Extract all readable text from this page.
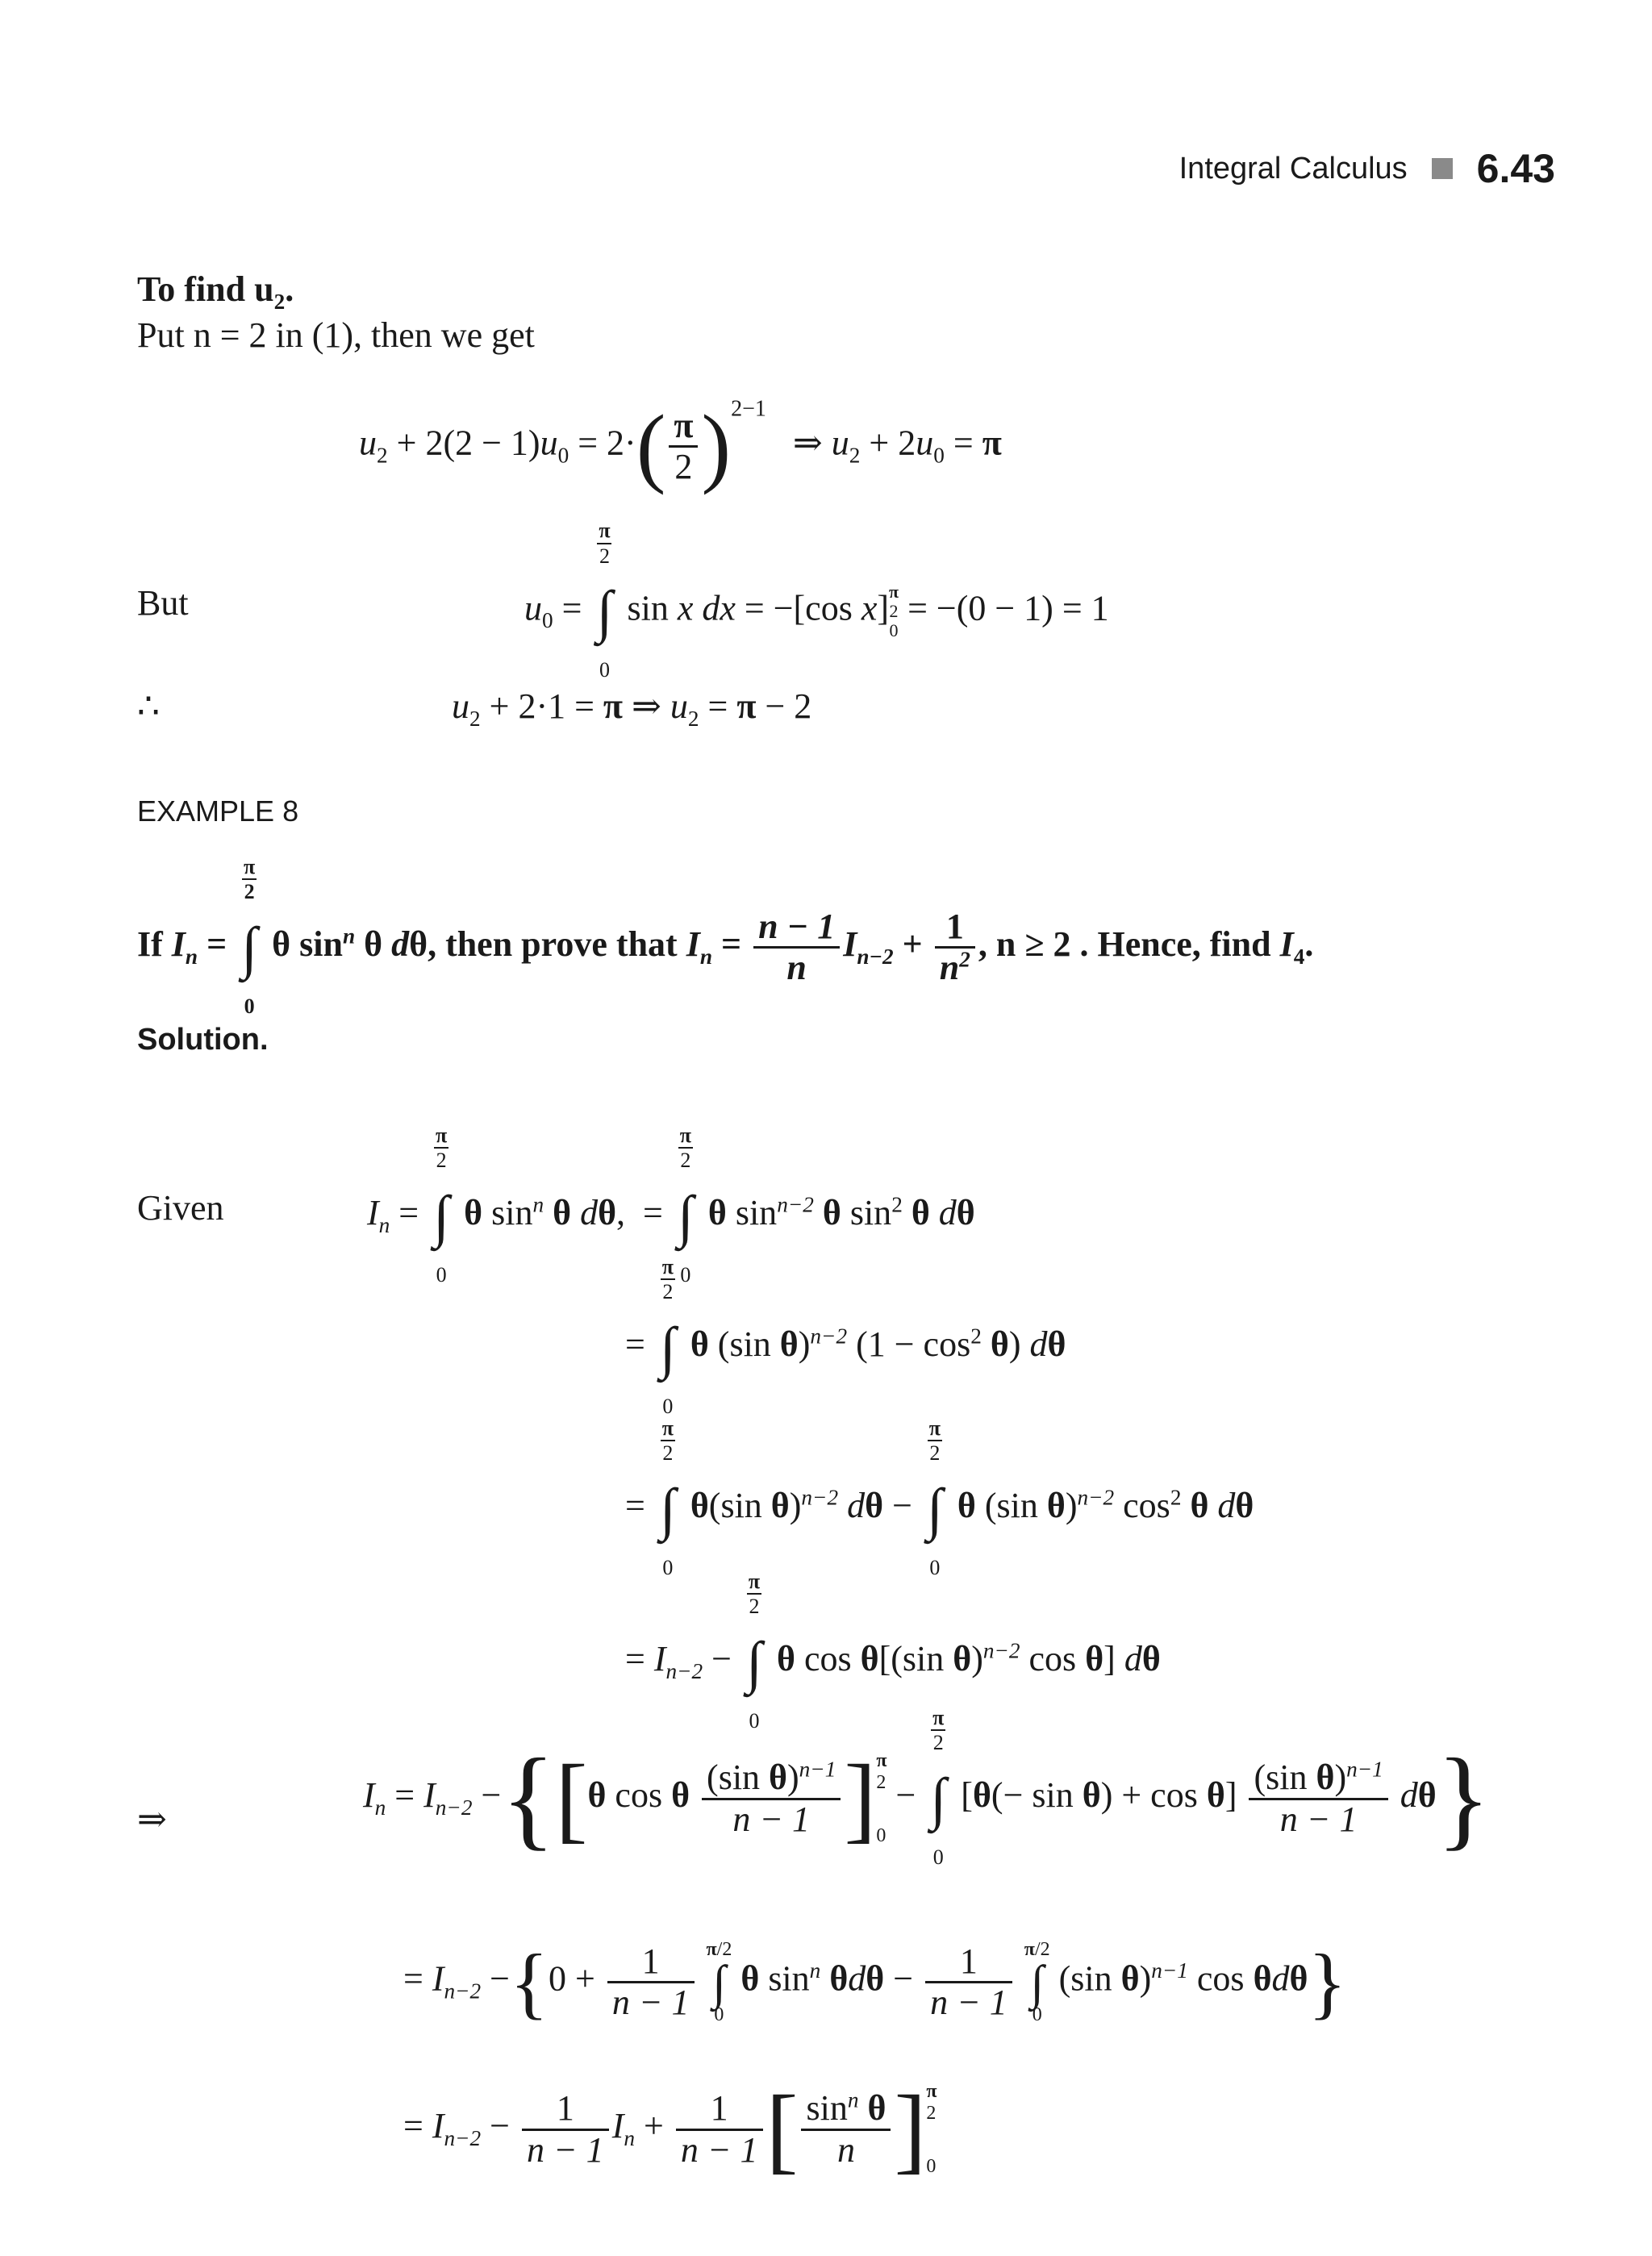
Integral Calculus 6.43
To find $u_2$.
Put n = 2 in (1), then we get
$u_2 + 2(2 - 1)u_0 = 2\cdot( \frac{\pi}{2} )^{2-1}$   ⇒ $u_2 + 2u_0 = \pi$
But	$u_0$ =
π
2
∫
0
sin x dx = −[cos x] π
2
0
= −(0 − 1) = 1
∴	$u_2 + 2\cdot 1 = \pi$ ⇒ $u_2 = \pi - 2$
EXAMPLE 8
If $I_n$ =
π
2
∫
0
θ $\sin^n \theta$ dθ, then prove that $I_n = \frac{n - 1}{n} I_{n-2} + \frac{1}{n^2}$ , n ≥ 2 . Hence, find $I_4$.
Solution.
Given	$I_n$ =
π
2
∫
0
θ $\sin^n \theta$ dθ,  =
π
2
∫
0
θ $\sin^{n-2} \theta$ $\sin^2 \theta$ dθ
=
π
2
∫
0
θ (sin θ)$^{n-2}$ $(1 - \cos^2 \theta)$ dθ
=
π
2
∫
0
θ(sin θ)$^{n-2}$ dθ −
π
2
∫
0
θ (sin θ)$^{n-2}$ $\cos^2 \theta$ dθ
= $I_{n-2}$ −
π
2
∫
0
θ cos θ[(sin θ)$^{n-2}$ cos θ] dθ
⇒
$I_n = I_{n-2} -\{[\theta$ cos θ $\frac{(\sin \theta)^{n-1}}{n - 1}$ ] π
2
0
−
π
2
∫
0
$[\theta(- \sin \theta) + \cos \theta] \frac{(\sin \theta)^{n-1}}{n - 1} d\theta$}
= $I_{n-2} -\{0 + \frac{1}{n - 1}$
π/2
∫
0
θ $\sin^n \theta d\theta - \frac{1}{n - 1}$
π/2
∫
0
(sin θ)$^{n-1}$ cos θdθ}
= $I_{n-2} - \frac{1}{n - 1} I_n + \frac{1}{n - 1}$ [ $\frac{\sin^n \theta}{n}$ ] π
2
0
